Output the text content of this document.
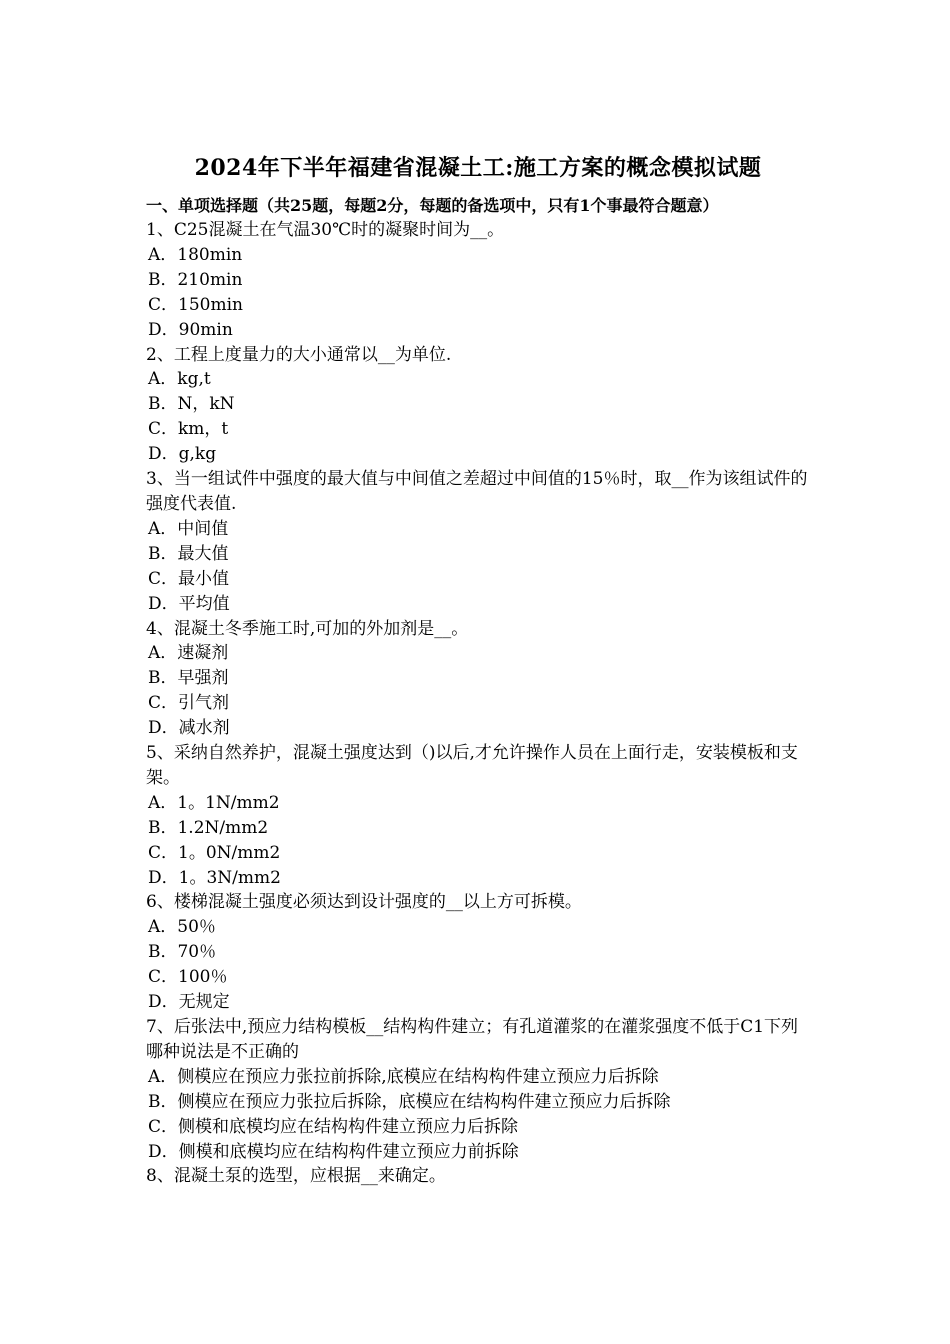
2024年下半年福建省混凝土工:施工方案的概念模拟试题

一、单项选择题（共25题，每题2分，每题的备选项中，只有1个事最符合题意）

1、C25混凝土在气温30℃时的凝聚时间为__。

A．180min

B．210min

C．150min

D．90min

2、工程上度量力的大小通常以__为单位.

A．kg,t

B．N，kN

C．km，t

D．g,kg

3、当一组试件中强度的最大值与中间值之差超过中间值的15％时，取__作为该组试件的强度代表值.

A．中间值

B．最大值

C．最小值

D．平均值

4、混凝土冬季施工时,可加的外加剂是__。

A．速凝剂

B．早强剂

C．引气剂

D．减水剂

5、采纳自然养护，混凝土强度达到（)以后,才允许操作人员在上面行走，安装模板和支架。

A．1。1N/mm2

B．1.2N/mm2

C．1。0N/mm2

D．1。3N/mm2

6、楼梯混凝土强度必须达到设计强度的__以上方可拆模。

A．50％

B．70％

C．100％

D．无规定

7、后张法中,预应力结构模板__结构构件建立；有孔道灌浆的在灌浆强度不低于C1下列哪种说法是不正确的

A．侧模应在预应力张拉前拆除,底模应在结构构件建立预应力后拆除

B．侧模应在预应力张拉后拆除，底模应在结构构件建立预应力后拆除

C．侧模和底模均应在结构构件建立预应力后拆除

D．侧模和底模均应在结构构件建立预应力前拆除

8、混凝土泵的选型，应根据__来确定。
